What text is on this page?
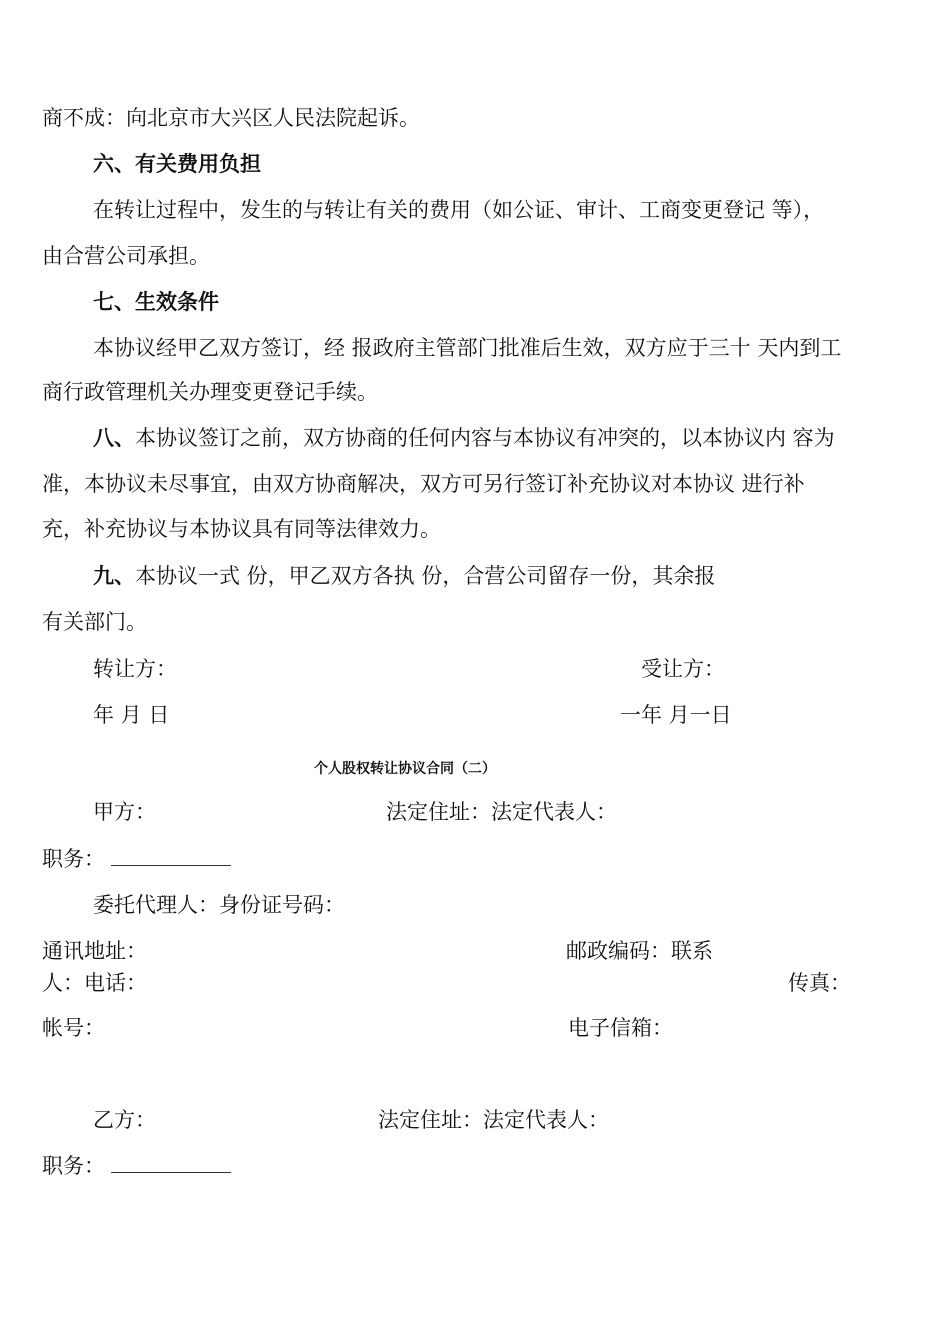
商不成：向北京市大兴区人民法院起诉。
六、有关费用负担
在转让过程中，发生的与转让有关的费用（如公证、审计、工商变更登记 等），
由合营公司承担。
七、生效条件
本协议经甲乙双方签订，经 报政府主管部门批准后生效，双方应于三十 天内到工
商行政管理机关办理变更登记手续。
八、本协议签订之前，双方协商的任何内容与本协议有冲突的，以本协议内 容为
准，本协议未尽事宜，由双方协商解决，双方可另行签订补充协议对本协议 进行补
充，补充协议与本协议具有同等法律效力。
九、本协议一式 份，甲乙双方各执 份，合营公司留存一份，其余报
有关部门。
转让方：	受让方：
年 月 日	一年 月一日
个人股权转让协议合同（二）
甲方：	法定住址：法定代表人：
职务：
委托代理人：身份证号码：
通讯地址：	邮政编码：联系
人：电话：	传真：
帐号：	电子信箱：
乙方：	法定住址：法定代表人：
职务：
